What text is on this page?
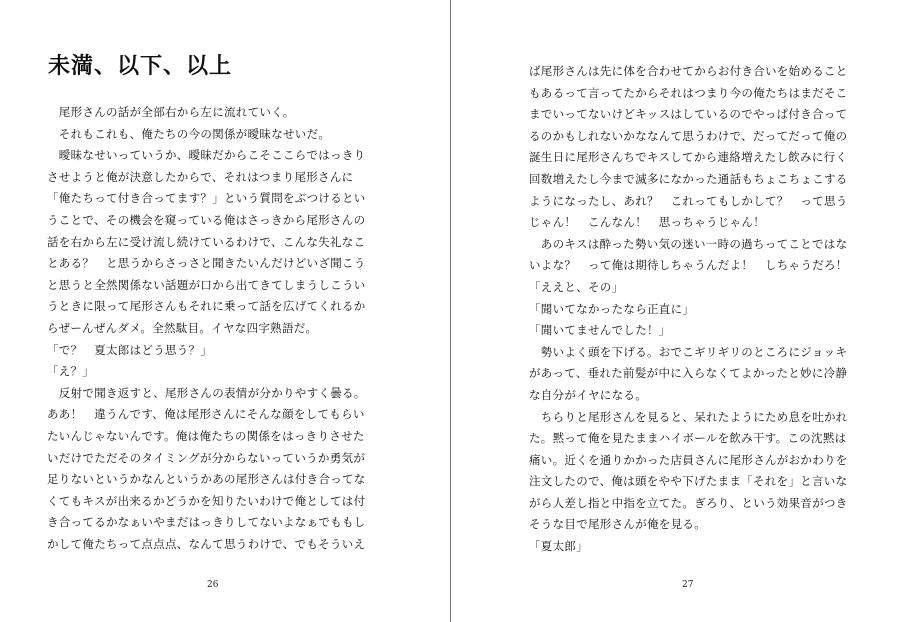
未満、以下、以上
　尾形さんの話が全部右から左に流れていく。
　それもこれも、俺たちの今の関係が曖昧なせいだ。
　曖昧なせいっていうか、曖昧だからこそここらではっきり
させようと俺が決意したからで、それはつまり尾形さんに
「俺たちって付き合ってます？」という質問をぶつけるとい
うことで、その機会を窺っている俺はさっきから尾形さんの
話を右から左に受け流し続けているわけで、こんな失礼なこ
とある？　と思うからさっさと聞きたいんだけどいざ聞こう
と思うと全然関係ない話題が口から出てきてしまうしこうい
うときに限って尾形さんもそれに乗って話を広げてくれるか
らぜーんぜんダメ。全然駄目。イヤな四字熟語だ。
「で？　夏太郎はどう思う？」
「え？」
　反射で聞き返すと、尾形さんの表情が分かりやすく曇る。
ああ！　違うんです、俺は尾形さんにそんな顔をしてもらい
たいんじゃないんです。俺は俺たちの関係をはっきりさせた
いだけでただそのタイミングが分からないっていうか勇気が
足りないというかなんというかあの尾形さんは付き合ってな
くてもキスが出来るかどうかを知りたいわけで俺としては付
き合ってるかなぁいやまだはっきりしてないよなぁでももし
かして俺たちって点点点、なんて思うわけで、でもそういえ
26
ば尾形さんは先に体を合わせてからお付き合いを始めること
もあるって言ってたからそれはつまり今の俺たちはまだそこ
までいってないけどキッスはしているのでやっぱ付き合って
るのかもしれないかななんて思うわけで、だってだって俺の
誕生日に尾形さんちでキスしてから連絡増えたし飲みに行く
回数増えたし今まで滅多になかった通話もちょこちょこする
ようになったし、あれ？　これってもしかして？　って思う
じゃん！　こんなん！　思っちゃうじゃん！
　あのキスは酔った勢い気の迷い一時の過ちってことではな
いよな？　って俺は期待しちゃうんだよ！　しちゃうだろ！
「ええと、その」
「聞いてなかったなら正直に」
「聞いてませんでした！」
　勢いよく頭を下げる。おでこギリギリのところにジョッキ
があって、垂れた前髪が中に入らなくてよかったと妙に冷静
な自分がイヤになる。
　ちらりと尾形さんを見ると、呆れたようにため息を吐かれ
た。黙って俺を見たままハイボールを飲み干す。この沈黙は
痛い。近くを通りかかった店員さんに尾形さんがおかわりを
注文したので、俺は頭をやや下げたまま「それを」と言いな
がら人差し指と中指を立てた。ぎろり、という効果音がつき
そうな目で尾形さんが俺を見る。
「夏太郎」
27
